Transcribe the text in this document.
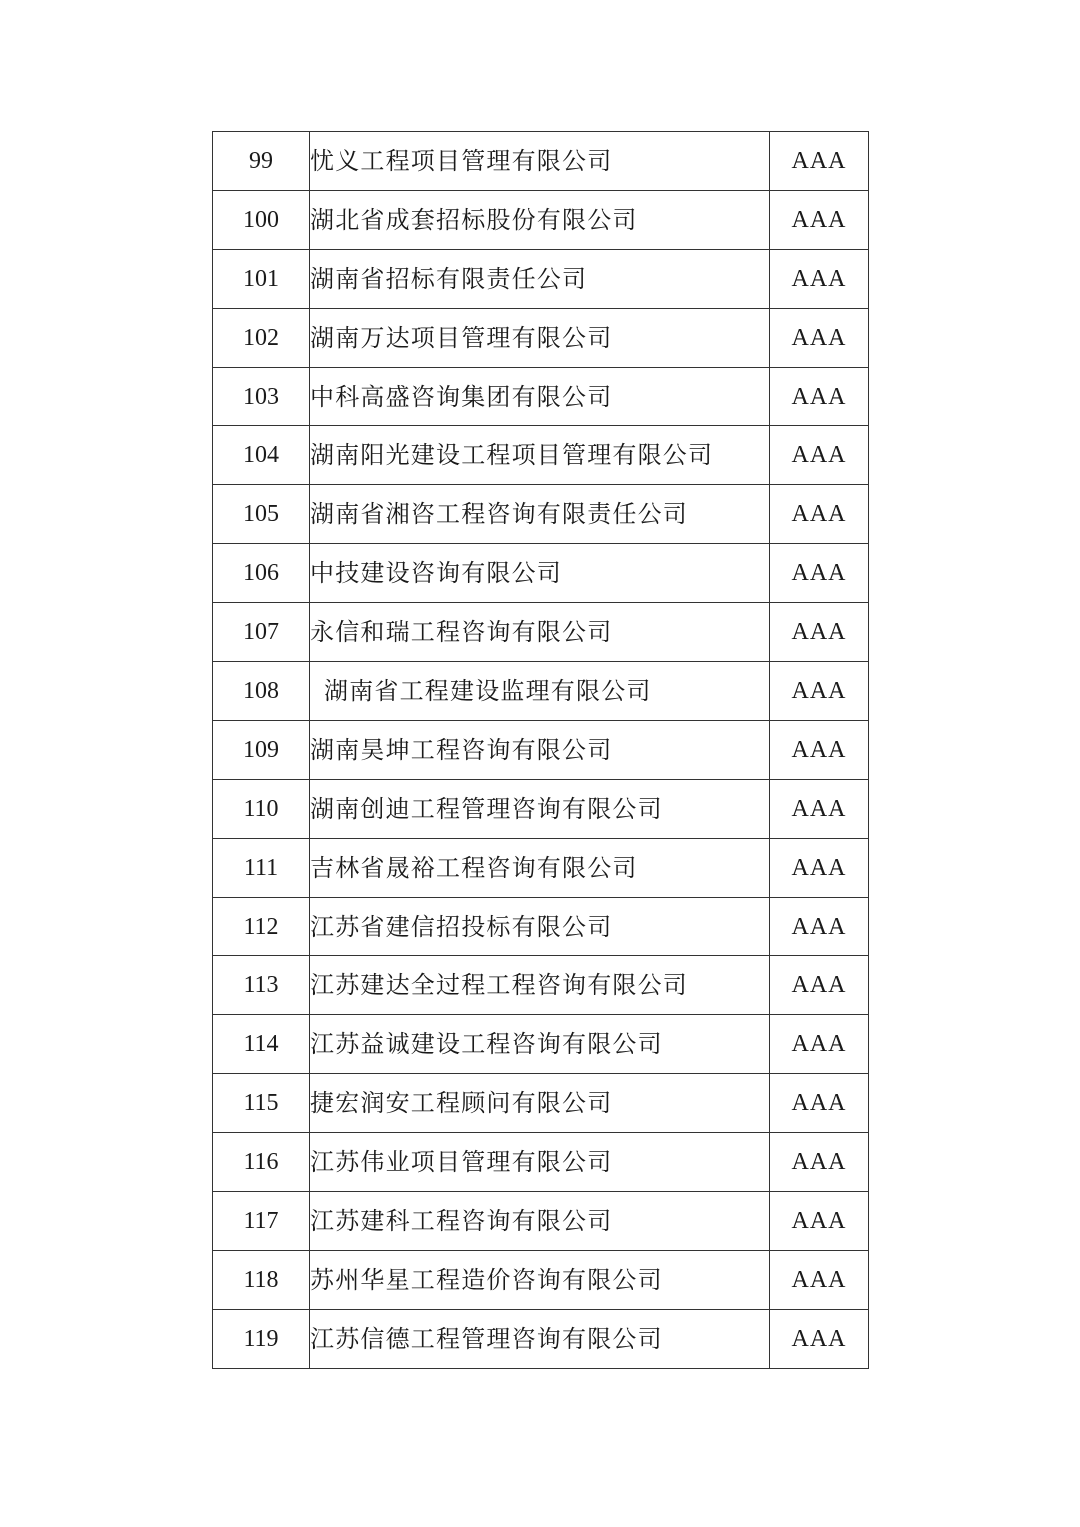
99	忧义工程项目管理有限公司	AAA
100	湖北省成套招标股份有限公司	AAA
101	湖南省招标有限责任公司	AAA
102	湖南万达项目管理有限公司	AAA
103	中科高盛咨询集团有限公司	AAA
104	湖南阳光建设工程项目管理有限公司	AAA
105	湖南省湘咨工程咨询有限责任公司	AAA
106	中技建设咨询有限公司	AAA
107	永信和瑞工程咨询有限公司	AAA
108	湖南省工程建设监理有限公司	AAA
109	湖南昊坤工程咨询有限公司	AAA
110	湖南创迪工程管理咨询有限公司	AAA
111	吉林省晟裕工程咨询有限公司	AAA
112	江苏省建信招投标有限公司	AAA
113	江苏建达全过程工程咨询有限公司	AAA
114	江苏益诚建设工程咨询有限公司	AAA
115	捷宏润安工程顾问有限公司	AAA
116	江苏伟业项目管理有限公司	AAA
117	江苏建科工程咨询有限公司	AAA
118	苏州华星工程造价咨询有限公司	AAA
119	江苏信德工程管理咨询有限公司	AAA
